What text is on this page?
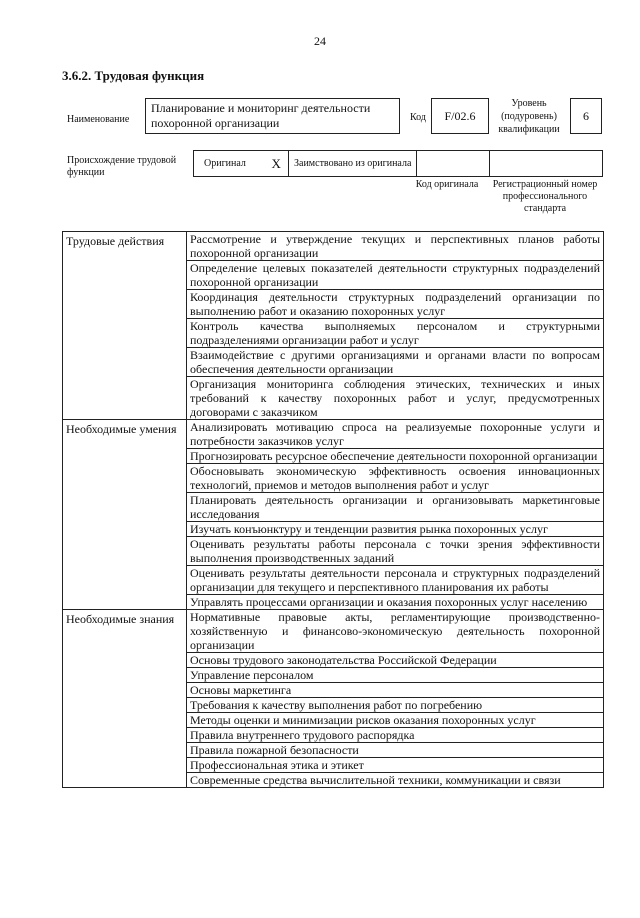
24
3.6.2. Трудовая функция
Наименование
Планирование и мониторинг деятельности похоронной организации	Код	F/02.6
Уровень (подуровень) квалификации
6
Происхождение трудовой функции
Оригинал	X	Заимствовано из оригинала		
Код оригинала	Регистрационный номер профессионального стандарта
Трудовые действия	Рассмотрение и утверждение текущих и перспективных планов работы похоронной организации
	Определение целевых показателей деятельности структурных подразделений похоронной организации
	Координация деятельности структурных подразделений организации по выполнению работ и оказанию похоронных услуг
	Контроль качества выполняемых персоналом и структурными подразделениями организации работ и услуг
	Взаимодействие с другими организациями и органами власти по вопросам обеспечения деятельности организации
	Организация мониторинга соблюдения этических, технических и иных требований к качеству похоронных работ и услуг, предусмотренных договорами с заказчиком
Необходимые умения	Анализировать мотивацию спроса на реализуемые похоронные услуги и потребности заказчиков услуг
	Прогнозировать ресурсное обеспечение деятельности похоронной организации
	Обосновывать экономическую эффективность освоения инновационных технологий, приемов и методов выполнения работ и услуг
	Планировать деятельность организации и организовывать маркетинговые исследования
	Изучать конъюнктуру и тенденции развития рынка похоронных услуг
	Оценивать результаты работы персонала с точки зрения эффективности выполнения производственных заданий
	Оценивать результаты деятельности персонала и структурных подразделений организации для текущего и перспективного планирования их работы
	Управлять процессами организации и оказания похоронных услуг населению
Необходимые знания	Нормативные правовые акты, регламентирующие производственно-хозяйственную и финансово-экономическую деятельность похоронной организации
	Основы трудового законодательства Российской Федерации
	Управление персоналом
	Основы маркетинга
	Требования к качеству выполнения работ по погребению
	Методы оценки и минимизации рисков оказания похоронных услуг
	Правила внутреннего трудового распорядка
	Правила пожарной безопасности
	Профессиональная этика и этикет
	Современные средства вычислительной техники, коммуникации и связи
